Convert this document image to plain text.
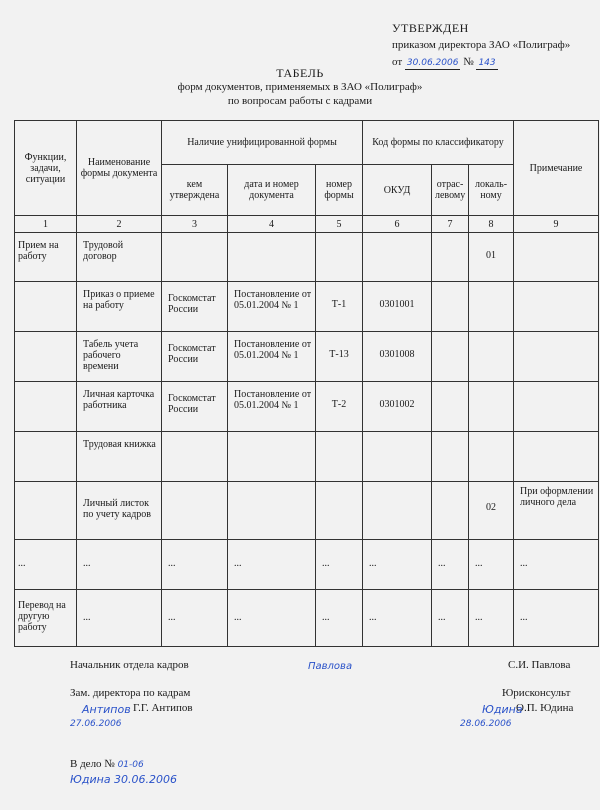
УТВЕРЖДЕН
приказом директора ЗАО «Полиграф»
от 30.06.2006 № 143
ТАБЕЛЬ
форм документов, применяемых в ЗАО «Полиграф»
по вопросам работы с кадрами
Функции, задачи, ситуации	Наименование формы документа	Наличие унифицированной формы			Код формы по классификатору			Примечание
		кем утверждена	дата и номер документа	номер формы	ОКУД	отрас-левому	локаль-ному	
1	2	3	4	5	6	7	8	9
Прием на работу	Трудовой договор						01	
	Приказ о приеме на работу	Госкомстат России	Постановление от 05.01.2004 № 1	Т-1	0301001			
	Табель учета рабочего времени	Госкомстат России	Постановление от 05.01.2004 № 1	Т-13	0301008			
	Личная карточка работника	Госкомстат России	Постановление от 05.01.2004 № 1	Т-2	0301002			
	Трудовая книжка							
	Личный листок по учету кадров						02	При оформлении личного дела
...	...	...	...	...	...	...	...	...
Перевод на другую работу	...	...	...	...	...	...	...	...
Начальник отдела кадров	Павлова	С.И. Павлова
Зам. директора по кадрам
Антипов Г.Г. Антипов
27.06.2006
Юрисконсульт
Юдина
О.П. Юдина
28.06.2006
В дело № 01-06
Юдина 30.06.2006
